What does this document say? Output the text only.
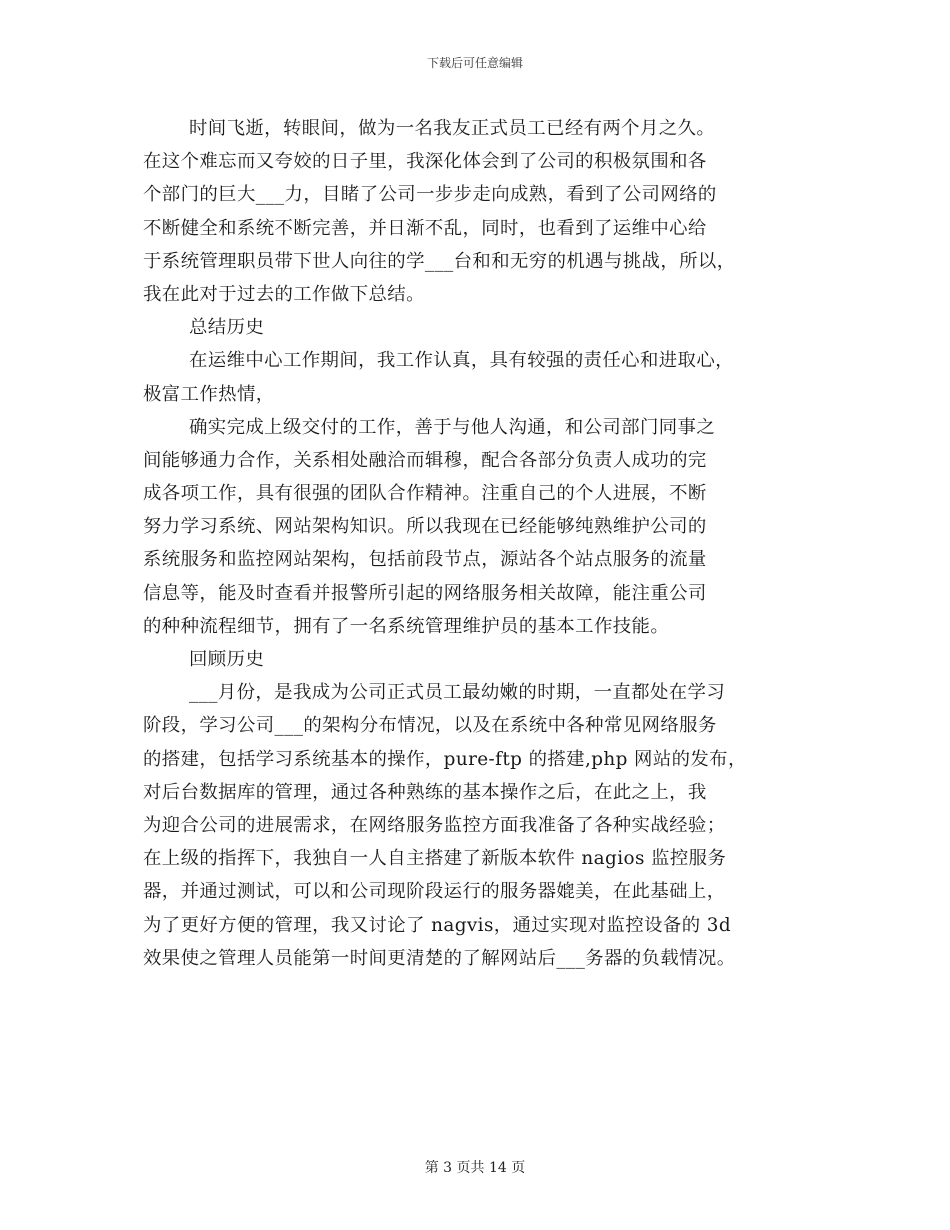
下载后可任意编辑
时间飞逝，转眼间，做为一名我友正式员工已经有两个月之久。
在这个难忘而又夸姣的日子里，我深化体会到了公司的积极氛围和各
个部门的巨大___力，目睹了公司一步步走向成熟，看到了公司网络的
不断健全和系统不断完善，并日渐不乱，同时，也看到了运维中心给
于系统管理职员带下世人向往的学___台和和无穷的机遇与挑战，所以，
我在此对于过去的工作做下总结。
总结历史
在运维中心工作期间，我工作认真，具有较强的责任心和进取心，
极富工作热情，
确实完成上级交付的工作，善于与他人沟通，和公司部门同事之
间能够通力合作，关系相处融洽而辑穆，配合各部分负责人成功的完
成各项工作，具有很强的团队合作精神。注重自己的个人进展，不断
努力学习系统、网站架构知识。所以我现在已经能够纯熟维护公司的
系统服务和监控网站架构，包括前段节点，源站各个站点服务的流量
信息等，能及时查看并报警所引起的网络服务相关故障，能注重公司
的种种流程细节，拥有了一名系统管理维护员的基本工作技能。
回顾历史
___月份，是我成为公司正式员工最幼嫩的时期，一直都处在学习
阶段，学习公司___的架构分布情况，以及在系统中各种常见网络服务
的搭建，包括学习系统基本的操作，pure-ftp 的搭建,php 网站的发布，
对后台数据库的管理，通过各种熟练的基本操作之后，在此之上，我
为迎合公司的进展需求，在网络服务监控方面我准备了各种实战经验；
在上级的指挥下，我独自一人自主搭建了新版本软件 nagios 监控服务
器，并通过测试，可以和公司现阶段运行的服务器媲美，在此基础上，
为了更好方便的管理，我又讨论了 nagvis，通过实现对监控设备的 3d
效果使之管理人员能第一时间更清楚的了解网站后___务器的负载情况。
第 3 页共 14 页
